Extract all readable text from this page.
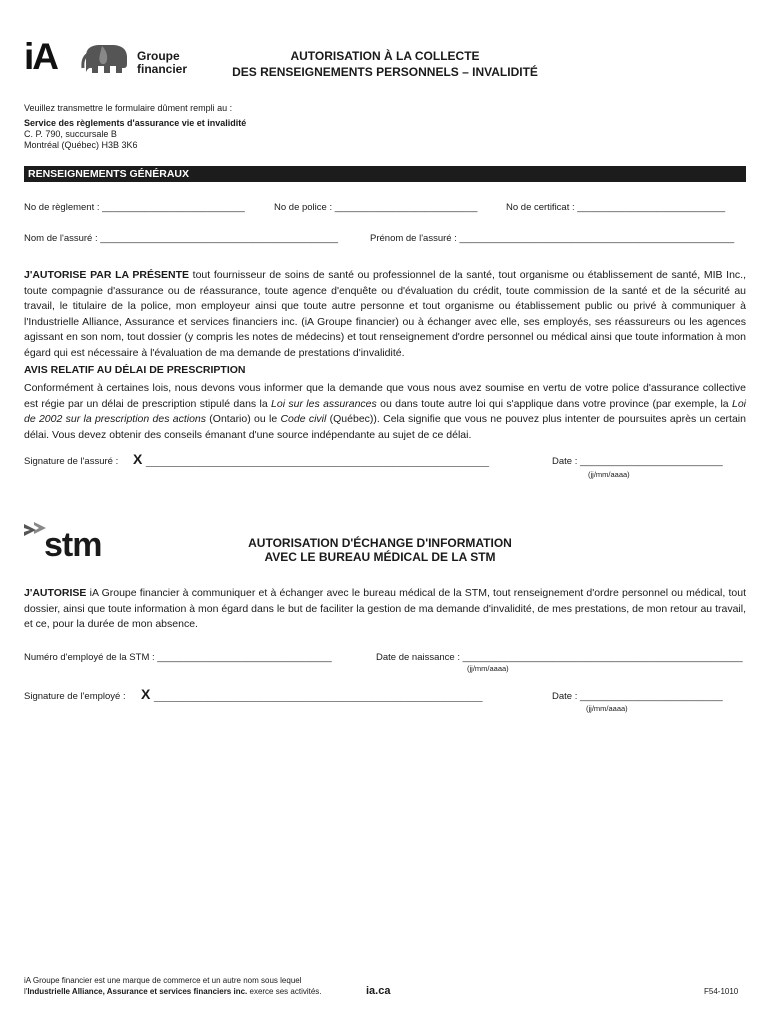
iA	Groupe
financier
AUTORISATION À LA COLLECTE
DES RENSEIGNEMENTS PERSONNELS – INVALIDITÉ
Veuillez transmettre le formulaire dûment rempli au :
Service des règlements d'assurance vie et invalidité
C. P. 790, succursale B
Montréal (Québec) H3B 3K6
RENSEIGNEMENTS GÉNÉRAUX
No de règlement : ___________________________	No de police : ___________________________	No de certificat : ____________________________
Nom de l'assuré : _____________________________________________	Prénom de l'assuré : ____________________________________________________
J'AUTORISE PAR LA PRÉSENTE tout fournisseur de soins de santé ou professionnel de la santé, tout organisme ou établissement de santé, MIB Inc., toute compagnie d'assurance ou de réassurance, toute agence d'enquête ou d'évaluation du crédit, toute commission de la santé et de la sécurité au travail, le titulaire de la police, mon employeur ainsi que toute autre personne et tout organisme ou établissement public ou privé à communiquer à l'Industrielle Alliance, Assurance et services financiers inc. (iA Groupe financier) ou à échanger avec elle, ses employés, ses réassureurs ou les agences agissant en son nom, tout dossier (y compris les notes de médecins) et tout renseignement d'ordre personnel ou médical ainsi que toute information à mon égard qui est nécessaire à l'évaluation de ma demande de prestations d'invalidité.
AVIS RELATIF AU DÉLAI DE PRESCRIPTION
Conformément à certaines lois, nous devons vous informer que la demande que vous nous avez soumise en vertu de votre police d'assurance collective est régie par un délai de prescription stipulé dans la Loi sur les assurances ou dans toute autre loi qui s'applique dans votre province (par exemple, la Loi de 2002 sur la prescription des actions (Ontario) ou le Code civil (Québec)). Cela signifie que vous ne pouvez plus intenter de poursuites après un certain délai. Vous devez obtenir des conseils émanant d'une source indépendante au sujet de ce délai.
Signature de l'assuré : X _______________________________________________________________________	Date : ___________________________
(jj/mm/aaaa)
stm	AUTORISATION D'ÉCHANGE D'INFORMATION
AVEC LE BUREAU MÉDICAL DE LA STM
J'AUTORISE iA Groupe financier à communiquer et à échanger avec le bureau médical de la STM, tout renseignement d'ordre personnel ou médical, tout dossier, ainsi que toute information à mon égard dans le but de faciliter la gestion de ma demande d'invalidité, de mes prestations, de mon retour au travail, et ce, pour la durée de mon absence.
Numéro d'employé de la STM : _________________________________	Date de naissance : _____________________________________________________
(jj/mm/aaaa)
Signature de l'employé : X ____________________________________________________________________	Date : ___________________________
(jj/mm/aaaa)
iA Groupe financier est une marque de commerce et un autre nom sous lequel
l'Industrielle Alliance, Assurance et services financiers inc. exerce ses activités.	ia.ca	F54-1010
